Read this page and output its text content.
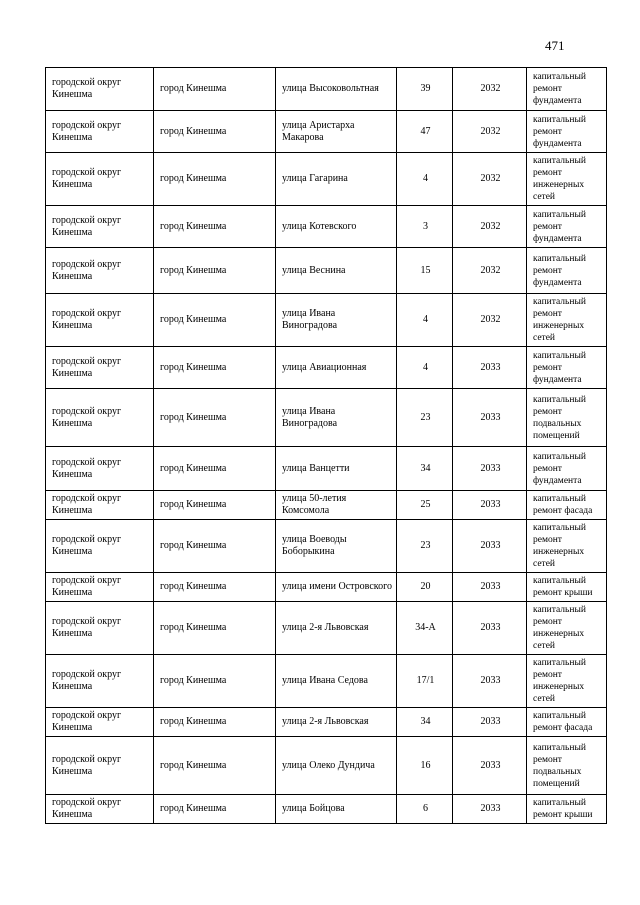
471
городской округ Кинешма	город Кинешма	улица Высоковольтная	39	2032	капитальный ремонт фундамента
городской округ Кинешма	город Кинешма	улица Аристарха Макарова	47	2032	капитальный ремонт фундамента
городской округ Кинешма	город Кинешма	улица Гагарина	4	2032	капитальный ремонт инженерных сетей
городской округ Кинешма	город Кинешма	улица Котевского	3	2032	капитальный ремонт фундамента
городской округ Кинешма	город Кинешма	улица Веснина	15	2032	капитальный ремонт фундамента
городской округ Кинешма	город Кинешма	улица Ивана Виноградова	4	2032	капитальный ремонт инженерных сетей
городской округ Кинешма	город Кинешма	улица Авиационная	4	2033	капитальный ремонт фундамента
городской округ Кинешма	город Кинешма	улица Ивана Виноградова	23	2033	капитальный ремонт подвальных помещений
городской округ Кинешма	город Кинешма	улица Ванцетти	34	2033	капитальный ремонт фундамента
городской округ Кинешма	город Кинешма	улица 50-летия Комсомола	25	2033	капитальный ремонт фасада
городской округ Кинешма	город Кинешма	улица Воеводы Боборыкина	23	2033	капитальный ремонт инженерных сетей
городской округ Кинешма	город Кинешма	улица имени Островского	20	2033	капитальный ремонт крыши
городской округ Кинешма	город Кинешма	улица 2-я Львовская	34-А	2033	капитальный ремонт инженерных сетей
городской округ Кинешма	город Кинешма	улица Ивана Седова	17/1	2033	капитальный ремонт инженерных сетей
городской округ Кинешма	город Кинешма	улица 2-я Львовская	34	2033	капитальный ремонт фасада
городской округ Кинешма	город Кинешма	улица Олеко Дундича	16	2033	капитальный ремонт подвальных помещений
городской округ Кинешма	город Кинешма	улица Бойцова	6	2033	капитальный ремонт крыши
